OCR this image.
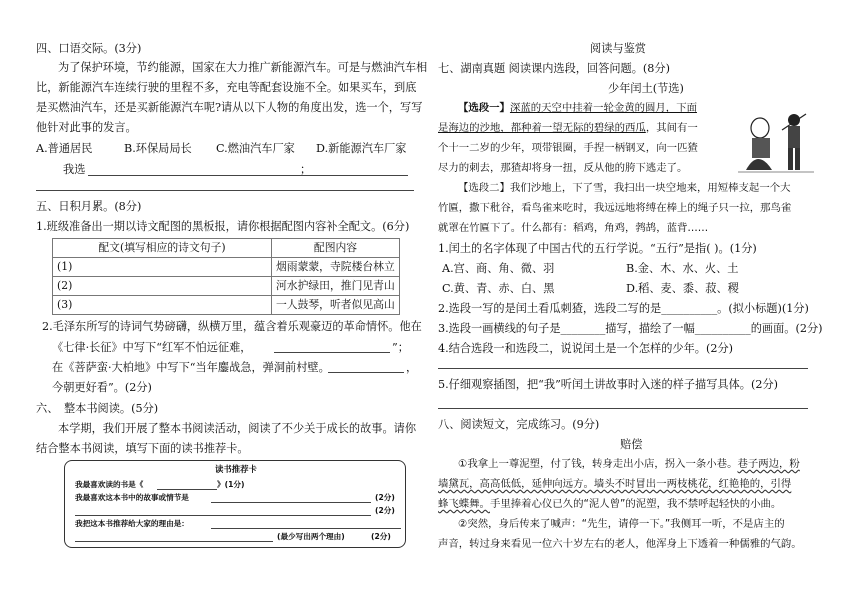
四、口语交际。(3分)
为了保护环境，节约能源，国家在大力推广新能源汽车。可是与燃油汽车相
比，新能源汽车连续行驶的里程不多，充电等配套设施不全。如果买车，到底
是买燃油汽车，还是买新能源汽车呢?请从以下人物的角度出发，选一个，写写
他针对此事的发言。
A.普通居民	B.环保局局长 C.燃油汽车厂家 D.新能源汽车厂家
我选	；
五、日积月累。(8分)
1.班级准备出一期以诗文配图的黑板报，请你根据配图内容补全配文。(6分)
配文(填写相应的诗文句子)	配图内容
(1)	烟雨蒙蒙，寺院楼台林立
(2)	河水护绿田，推门见青山
(3)	一人鼓琴，听者似见高山
2.毛泽东所写的诗词气势磅礴，纵横万里，蕴含着乐观豪迈的革命情怀。他在
《七律·长征》中写下“红军不怕远征难，	”；
在《菩萨蛮·大柏地》中写下“当年鏖战急，弹洞前村壁。	，
今朝更好看”。(2分)
六、　整本书阅读。(5分)
本学期，我们开展了整本书阅读活动，阅读了不少关于成长的故事。请你
结合整本书阅读，填写下面的读书推荐卡。
读书推荐卡
我最喜欢读的书是《	》(1分)
我最喜欢这本书中的故事或情节是	(2分)
(2分)
我把这本书推荐给大家的理由是：
(最少写出两个理由)	(2分)
阅读与鉴赏
七、湖南真题 阅读课内选段，回答问题。(8分)
少年闰土(节选)
【选段一】深蓝的天空中挂着一轮金黄的圆月，下面
是海边的沙地，都种着一望无际的碧绿的西瓜，其间有一
个十一二岁的少年，项带银圈，手捏一柄钢叉，向一匹猹
尽力的刺去，那猹却将身一扭，反从他的胯下逃走了。
【选段二】我们沙地上，下了雪，我扫出一块空地来，用短棒支起一个大
竹匾，撒下秕谷，看鸟雀来吃时，我远远地将缚在棒上的绳子只一拉，那鸟雀
就罩在竹匾下了。什么都有：稻鸡，角鸡，鹁鸪，蓝背……
1.闰土的名字体现了中国古代的五行学说。“五行”是指( )。(1分)
A.宫、商、角、微、羽	B.金、木、水、火、土
C.黄、青、赤、白、黑	D.稻、麦、黍、菽、稷
2.选段一写的是闰土看瓜刺猹，选段二写的是__________。(拟小标题)(1分)
3.选段一画横线的句子是________描写，描绘了一幅__________的画面。(2分)
4.结合选段一和选段二，说说闰土是一个怎样的少年。(2分)
5.仔细观察插图，把“我”听闰土讲故事时入迷的样子描写具体。(2分)
八、阅读短文，完成练习。(9分)
赔偿
①我拿上一尊泥塑，付了钱，转身走出小店，拐入一条小巷。巷子两边，粉
墙黛瓦，高高低低，延伸向远方。墙头不时冒出一两枝桃花，红艳艳的，引得
蜂飞蝶舞。手里捧着心仪已久的“泥人曾”的泥塑，我不禁呼起轻快的小曲。
②突然，身后传来了喊声：“先生，请停一下。”我侧耳一听，不是店主的
声音，转过身来看见一位六十岁左右的老人，他浑身上下透着一种儒雅的气韵。
